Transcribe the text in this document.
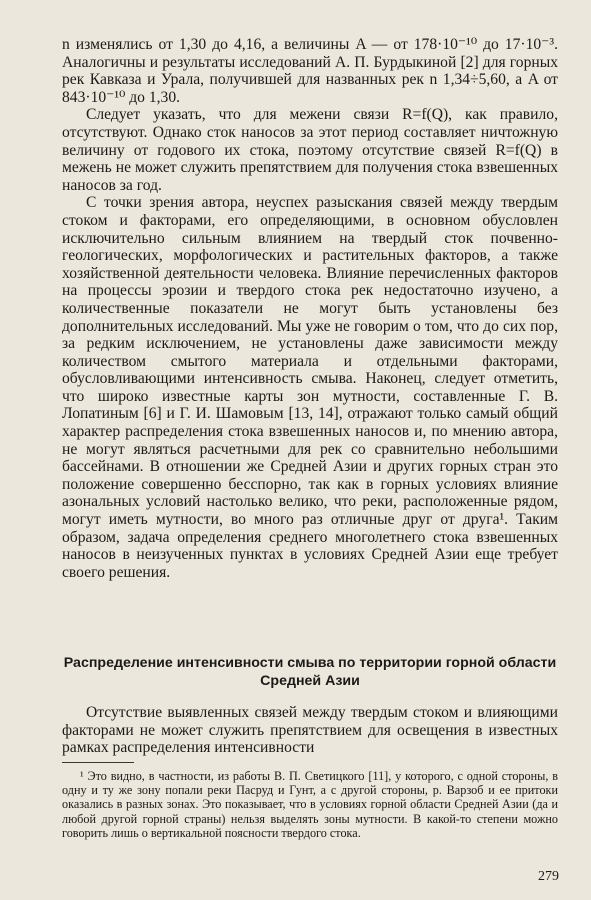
n изменялись от 1,30 до 4,16, а величины A — от 178·10⁻¹⁰ до 17·10⁻³. Аналогичны и результаты исследований А. П. Бурдыкиной [2] для горных рек Кавказа и Урала, получившей для названных рек n 1,34÷5,60, а A от 843·10⁻¹⁰ до 1,30.

Следует указать, что для межени связи R=f(Q), как правило, отсутствуют. Однако сток наносов за этот период составляет ничтожную величину от годового их стока, поэтому отсутствие связей R=f(Q) в межень не может служить препятствием для получения стока взвешенных наносов за год.

С точки зрения автора, неуспех разыскания связей между твердым стоком и факторами, его определяющими, в основном обусловлен исключительно сильным влиянием на твердый сток почвенно-геологических, морфологических и растительных факторов, а также хозяйственной деятельности человека. Влияние перечисленных факторов на процессы эрозии и твердого стока рек недостаточно изучено, а количественные показатели не могут быть установлены без дополнительных исследований. Мы уже не говорим о том, что до сих пор, за редким исключением, не установлены даже зависимости между количеством смытого материала и отдельными факторами, обусловливающими интенсивность смыва. Наконец, следует отметить, что широко известные карты зон мутности, составленные Г. В. Лопатиным [6] и Г. И. Шамовым [13, 14], отражают только самый общий характер распределения стока взвешенных наносов и, по мнению автора, не могут являться расчетными для рек со сравнительно небольшими бассейнами. В отношении же Средней Азии и других горных стран это положение совершенно бесспорно, так как в горных условиях влияние азональных условий настолько велико, что реки, расположенные рядом, могут иметь мутности, во много раз отличные друг от друга¹. Таким образом, задача определения среднего многолетнего стока взвешенных наносов в неизученных пунктах в условиях Средней Азии еще требует своего решения.

Распределение интенсивности смыва по территории горной области Средней Азии
Отсутствие выявленных связей между твердым стоком и влияющими факторами не может служить препятствием для освещения в известных рамках распределения интенсивности
¹ Это видно, в частности, из работы В. П. Светицкого [11], у которого, с одной стороны, в одну и ту же зону попали реки Пасруд и Гунт, а с другой стороны, р. Варзоб и ее притоки оказались в разных зонах. Это показывает, что в условиях горной области Средней Азии (да и любой другой горной страны) нельзя выделять зоны мутности. В какой-то степени можно говорить лишь о вертикальной поясности твердого стока.
279
